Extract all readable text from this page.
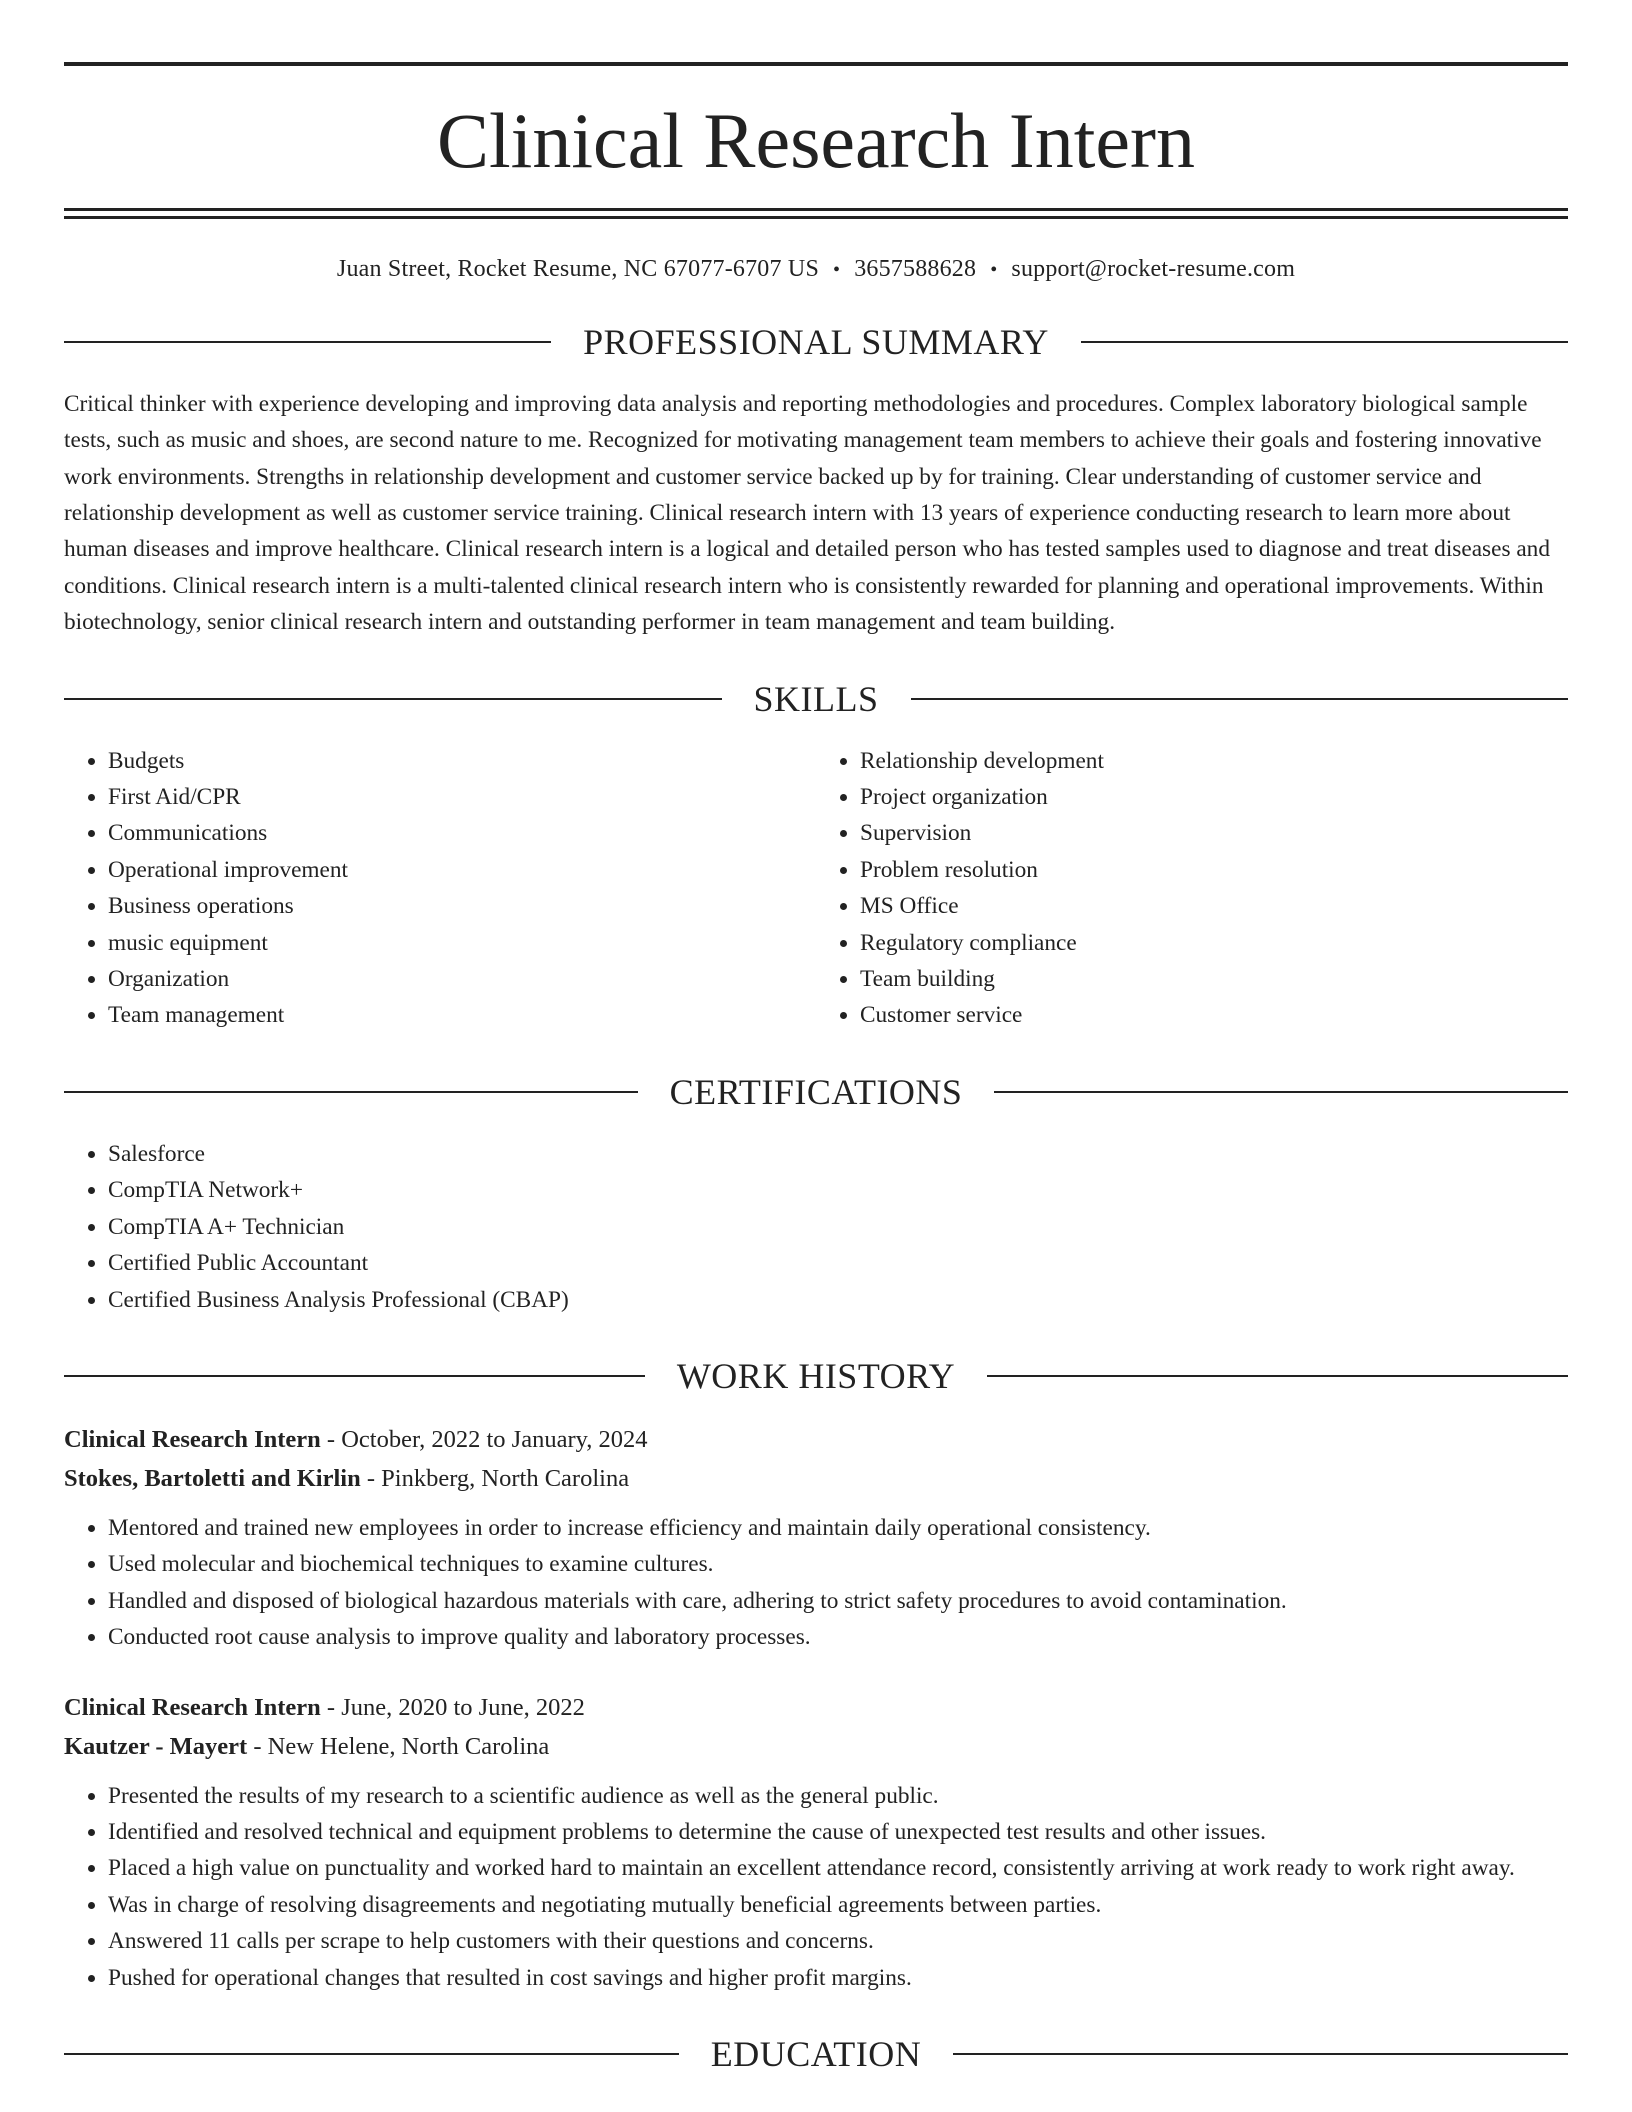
Clinical Research Intern
Juan Street, Rocket Resume, NC 67077-6707 US • 3657588628 • support@rocket-resume.com
PROFESSIONAL SUMMARY
Critical thinker with experience developing and improving data analysis and reporting methodologies and procedures. Complex laboratory biological sample tests, such as music and shoes, are second nature to me. Recognized for motivating management team members to achieve their goals and fostering innovative work environments. Strengths in relationship development and customer service backed up by for training. Clear understanding of customer service and relationship development as well as customer service training. Clinical research intern with 13 years of experience conducting research to learn more about human diseases and improve healthcare. Clinical research intern is a logical and detailed person who has tested samples used to diagnose and treat diseases and conditions. Clinical research intern is a multi-talented clinical research intern who is consistently rewarded for planning and operational improvements. Within biotechnology, senior clinical research intern and outstanding performer in team management and team building.
SKILLS
• Budgets
• First Aid/CPR
• Communications
• Operational improvement
• Business operations
• music equipment
• Organization
• Team management
• Relationship development
• Project organization
• Supervision
• Problem resolution
• MS Office
• Regulatory compliance
• Team building
• Customer service
CERTIFICATIONS
• Salesforce
• CompTIA Network+
• CompTIA A+ Technician
• Certified Public Accountant
• Certified Business Analysis Professional (CBAP)
WORK HISTORY
Clinical Research Intern - October, 2022 to January, 2024
Stokes, Bartoletti and Kirlin - Pinkberg, North Carolina
• Mentored and trained new employees in order to increase efficiency and maintain daily operational consistency.
• Used molecular and biochemical techniques to examine cultures.
• Handled and disposed of biological hazardous materials with care, adhering to strict safety procedures to avoid contamination.
• Conducted root cause analysis to improve quality and laboratory processes.
Clinical Research Intern - June, 2020 to June, 2022
Kautzer - Mayert - New Helene, North Carolina
• Presented the results of my research to a scientific audience as well as the general public.
• Identified and resolved technical and equipment problems to determine the cause of unexpected test results and other issues.
• Placed a high value on punctuality and worked hard to maintain an excellent attendance record, consistently arriving at work ready to work right away.
• Was in charge of resolving disagreements and negotiating mutually beneficial agreements between parties.
• Answered 11 calls per scrape to help customers with their questions and concerns.
• Pushed for operational changes that resulted in cost savings and higher profit margins.
EDUCATION
